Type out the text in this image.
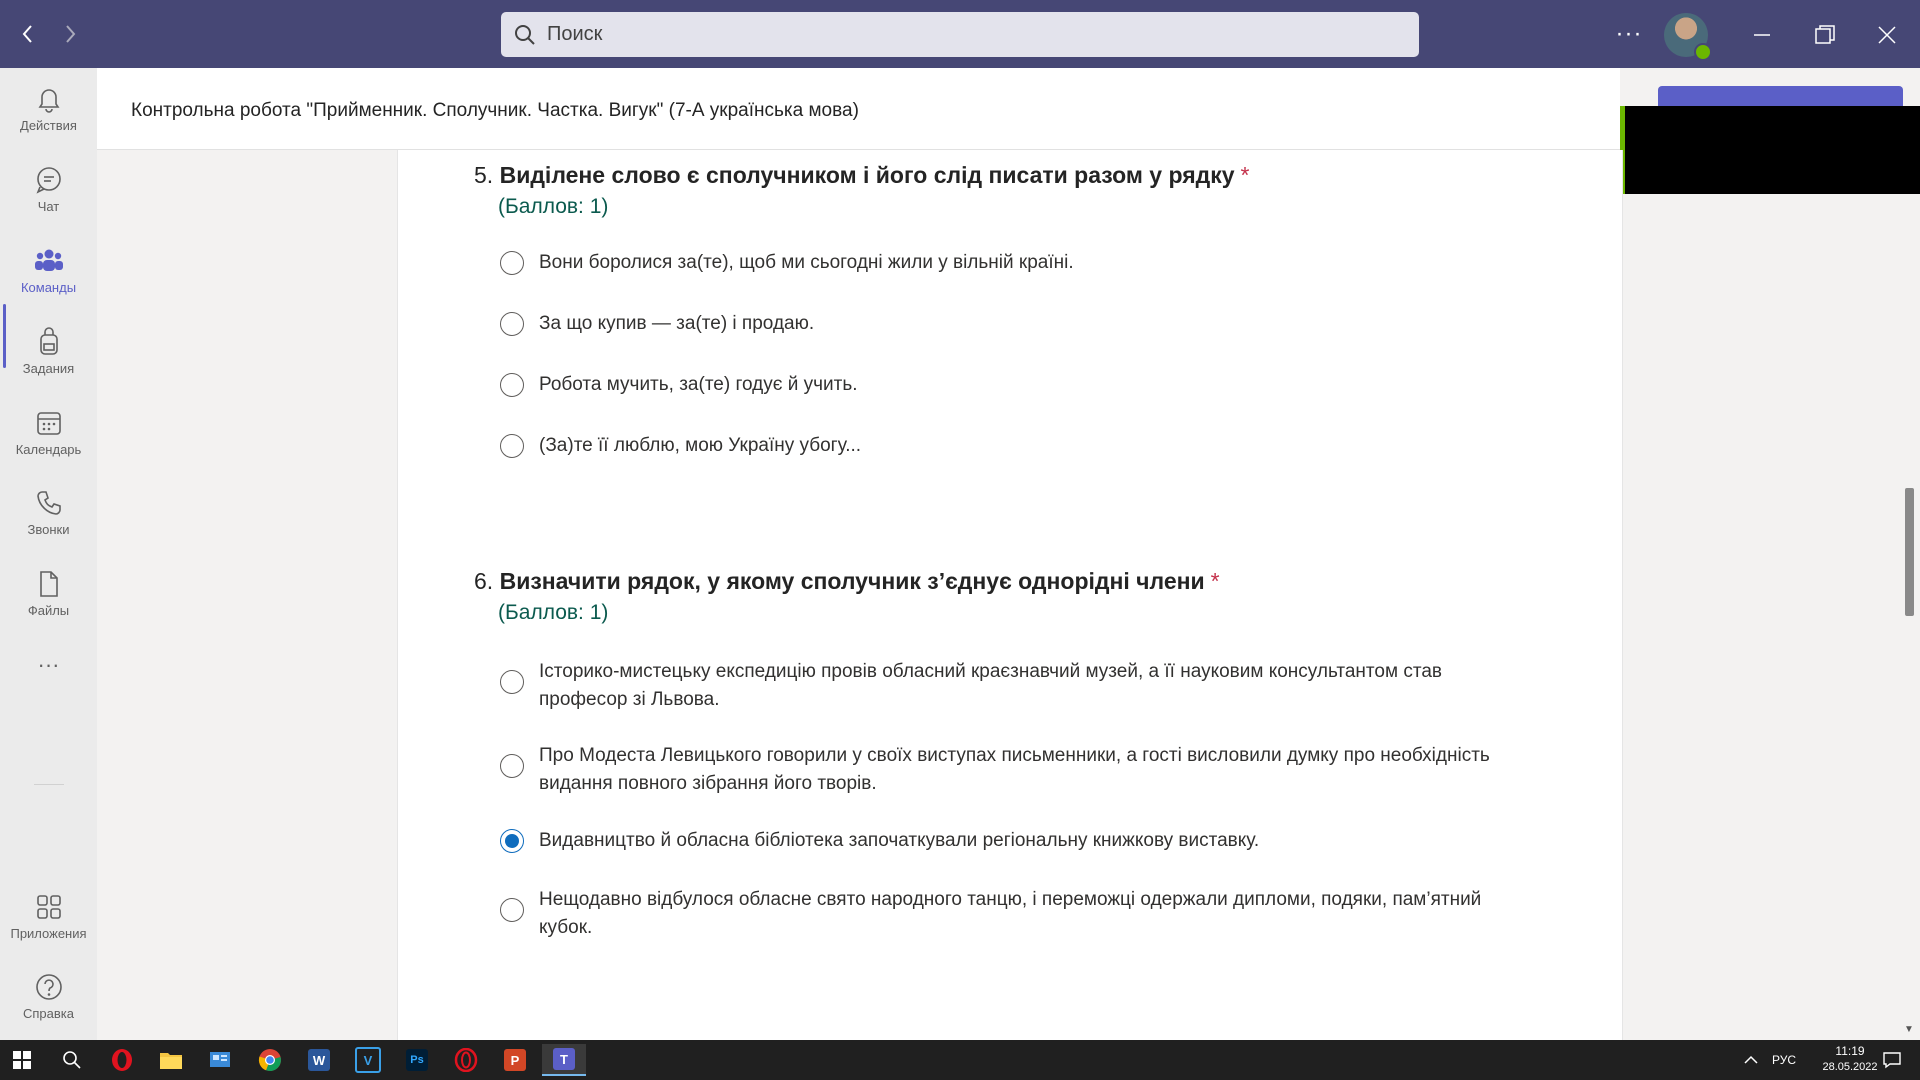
Поиск
···
Действия
Чат
Команды
Задания
Календарь
Звонки
Файлы
···
Приложения
Справка
Контрольна робота "Прийменник. Сполучник. Частка. Вигук" (7-А українська мова)
5. Виділене слово є сполучником і його слід писати разом у рядку *
(Баллов: 1)
Вони боролися за(те), щоб ми сьогодні жили у вільній країні.
За що купив — за(те) і продаю.
Робота мучить, за(те) годує й учить.
(За)те її люблю, мою Україну убогу...
6. Визначити рядок, у якому сполучник з’єднує однорідні члени *
(Баллов: 1)
Історико-мистецьку експедицію провів обласний краєзнавчий музей, а її науковим консультантом став професор зі Львова.
Про Модеста Левицького говорили у своїх виступах письменники, а гості висловили думку про необхідність видання повного зібрання його творів.
Видавництво й обласна бібліотека започаткували регіональну книжкову виставку.
Нещодавно відбулося обласне свято народного танцю, і переможці одержали дипломи, подяки, пам’ятний кубок.
▼
W	V	Ps	P	T	РУС
11:19
28.05.2022
